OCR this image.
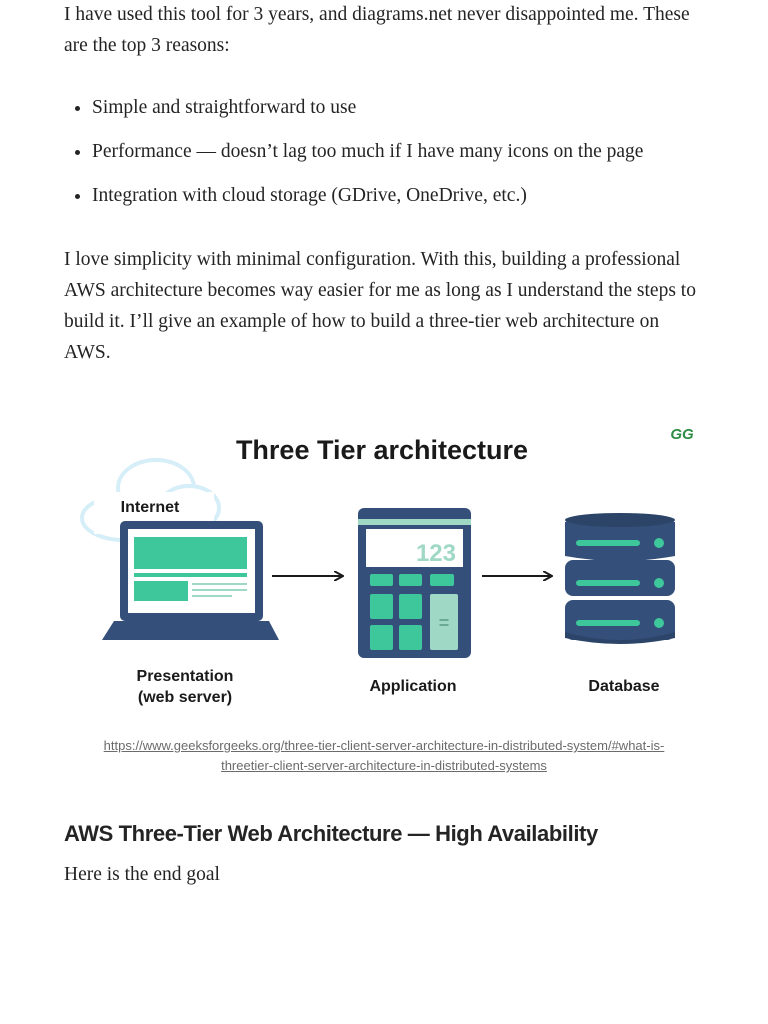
I have used this tool for 3 years, and diagrams.net never disappointed me. These are the top 3 reasons:

Simple and straightforward to use
Performance — doesn’t lag too much if I have many icons on the page
Integration with cloud storage (GDrive, OneDrive, etc.)

I love simplicity with minimal configuration. With this, building a professional AWS architecture becomes way easier for me as long as I understand the steps to build it. I’ll give an example of how to build a three-tier web architecture on AWS.

Three Tier architecture
GG
Internet
123
=
Presentation
(web server)
Application	Database
https://www.geeksforgeeks.org/three-tier-client-server-architecture-in-distributed-system/#what-is-
threetier-client-server-architecture-in-distributed-systems
AWS Three-Tier Web Architecture — High Availability

Here is the end goal
